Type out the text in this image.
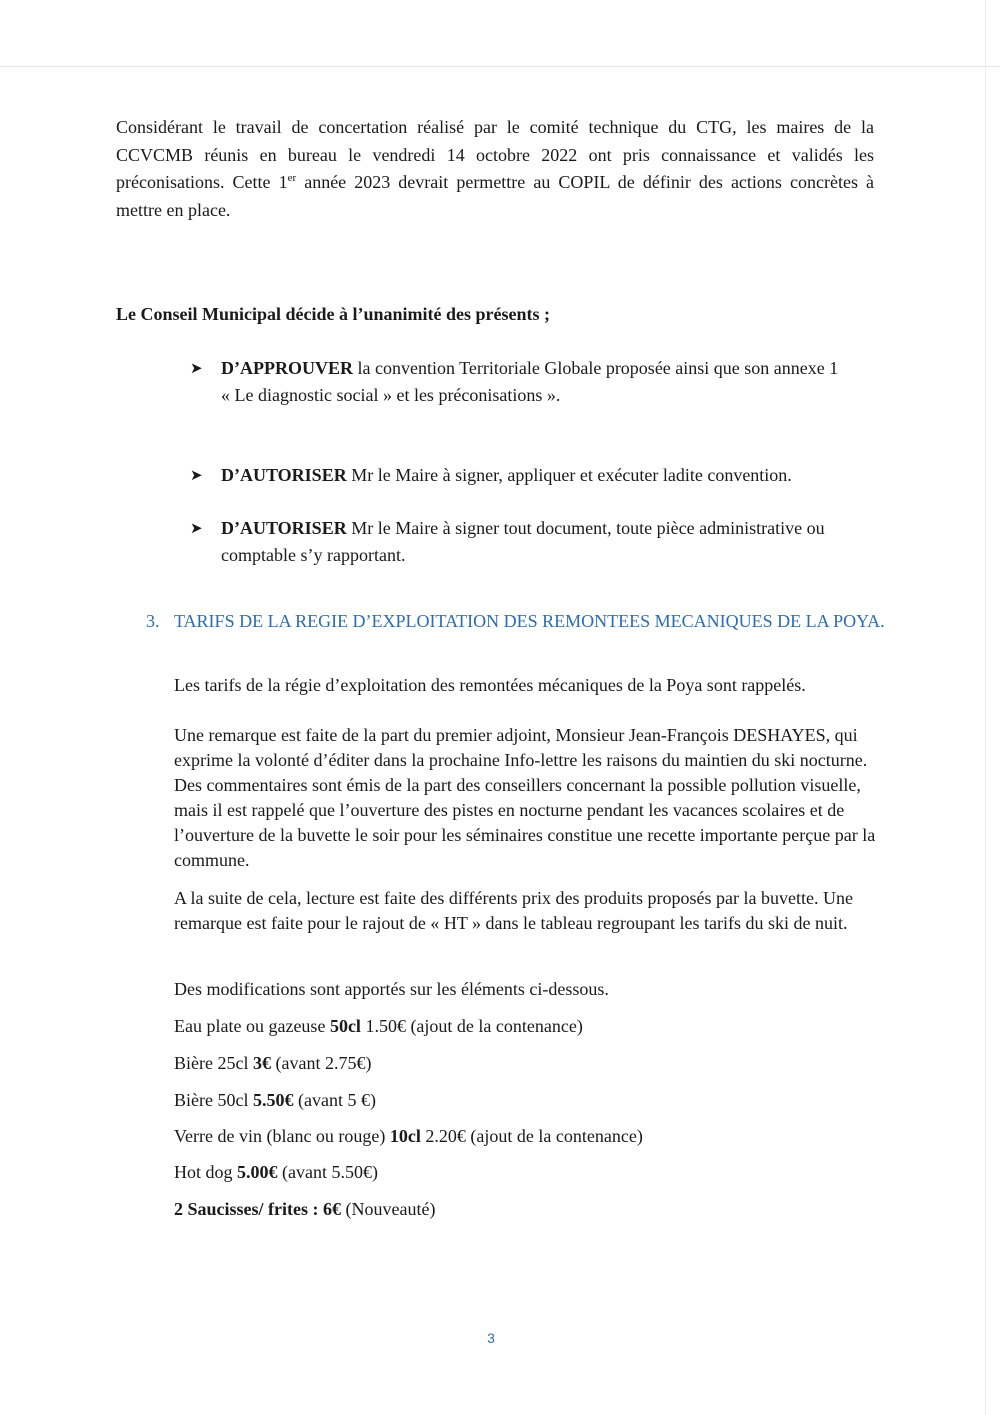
Considérant le travail de concertation réalisé par le comité technique du CTG, les maires de la CCVCMB réunis en bureau le vendredi 14 octobre 2022 ont pris connaissance et validés les préconisations. Cette 1er année 2023 devrait permettre au COPIL de définir des actions concrètes à mettre en place.

Le Conseil Municipal décide à l’unanimité des présents ;

➤	D’APPROUVER la convention Territoriale Globale proposée ainsi que son annexe 1
« Le diagnostic social » et les préconisations ».
➤	D’AUTORISER Mr le Maire à signer, appliquer et exécuter ladite convention.
➤	D’AUTORISER Mr le Maire à signer tout document, toute pièce administrative ou comptable s’y rapportant.
3. TARIFS DE LA REGIE D’EXPLOITATION DES REMONTEES MECANIQUES DE LA POYA.

Les tarifs de la régie d’exploitation des remontées mécaniques de la Poya sont rappelés.

Une remarque est faite de la part du premier adjoint, Monsieur Jean-François DESHAYES, qui exprime la volonté d’éditer dans la prochaine Info-lettre les raisons du maintien du ski nocturne. Des commentaires sont émis de la part des conseillers concernant la possible pollution visuelle, mais il est rappelé que l’ouverture des pistes en nocturne pendant les vacances scolaires et de l’ouverture de la buvette le soir pour les séminaires constitue une recette importante perçue par la commune.

A la suite de cela, lecture est faite des différents prix des produits proposés par la buvette. Une remarque est faite pour le rajout de « HT » dans le tableau regroupant les tarifs du ski de nuit.

Des modifications sont apportés sur les éléments ci-dessous.

Eau plate ou gazeuse 50cl 1.50€ (ajout de la contenance)

Bière 25cl 3€ (avant 2.75€)

Bière 50cl 5.50€ (avant 5 €)

Verre de vin (blanc ou rouge) 10cl 2.20€ (ajout de la contenance)

Hot dog 5.00€ (avant 5.50€)

2 Saucisses/ frites : 6€ (Nouveauté)

3
